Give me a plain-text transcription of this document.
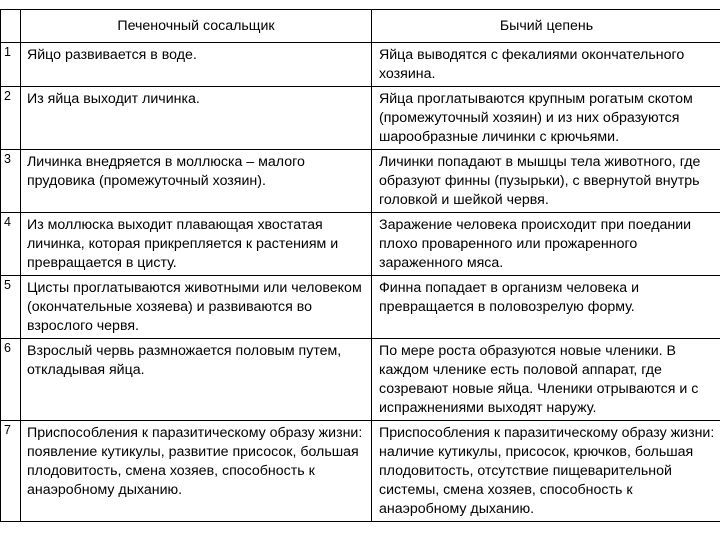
	Печеночный сосальщик	Бычий цепень
1	Яйцо развивается в воде.	Яйца выводятся с фекалиями окончательного хозяина.
2	Из яйца выходит личинка.	Яйца проглатываются крупным рогатым скотом (промежуточный хозяин) и из них образуются шарообразные личинки с крючьями.
3	Личинка внедряется в моллюска – малого прудовика (промежуточный хозяин).	Личинки попадают в мышцы тела животного, где образуют финны (пузырьки), с ввернутой внутрь головкой и шейкой червя.
4	Из моллюска выходит плавающая хвостатая личинка, которая прикрепляется к растениям и превращается в цисту.	Заражение человека происходит при поедании плохо проваренного или прожаренного зараженного мяса.
5	Цисты проглатываются животными или человеком (окончательные хозяева) и развиваются во взрослого червя.	Финна попадает в организм человека и превращается в половозрелую форму.
6	Взрослый червь размножается половым путем, откладывая яйца.	По мере роста образуются новые членики. В каждом членике есть половой аппарат, где созревают новые яйца. Членики отрываются и с испражнениями выходят наружу.
7	Приспособления к паразитическому образу жизни: появление кутикулы, развитие присосок, большая плодовитость, смена хозяев, способность к анаэробному дыханию.	Приспособления к паразитическому образу жизни: наличие кутикулы, присосок, крючков, большая плодовитость, отсутствие пищеварительной системы, смена хозяев, способность к анаэробному дыханию.
